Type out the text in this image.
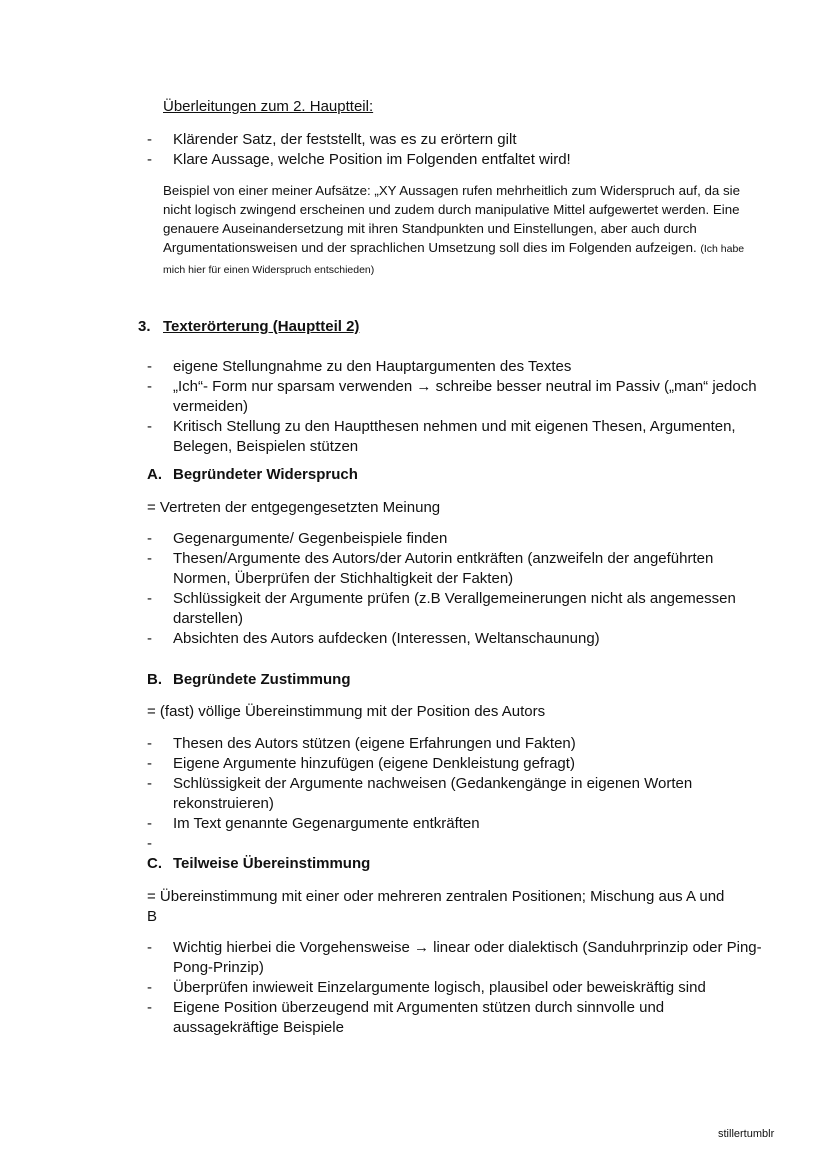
Überleitungen zum 2. Hauptteil:
- Klärender Satz, der feststellt, was es zu erörtern gilt
- Klare Aussage, welche Position im Folgenden entfaltet wird!
Beispiel von einer meiner Aufsätze: „XY Aussagen rufen mehrheitlich zum Widerspruch auf, da sie nicht logisch zwingend erscheinen und zudem durch manipulative Mittel aufgewertet werden. Eine genauere Auseinandersetzung mit ihren Standpunkten und Einstellungen, aber auch durch Argumentationsweisen und der sprachlichen Umsetzung soll dies im Folgenden aufzeigen. (Ich habe mich hier für einen Widerspruch entschieden)
3. Texterörterung (Hauptteil 2)
- eigene Stellungnahme zu den Hauptargumenten des Textes
- „Ich“- Form nur sparsam verwenden → schreibe besser neutral im Passiv („man“ jedoch vermeiden)
- Kritisch Stellung zu den Hauptthesen nehmen und mit eigenen Thesen, Argumenten, Belegen, Beispielen stützen
A. Begründeter Widerspruch
= Vertreten der entgegengesetzten Meinung
- Gegenargumente/ Gegenbeispiele finden
- Thesen/Argumente des Autors/der Autorin entkräften (anzweifeln der angeführten Normen, Überprüfen der Stichhaltigkeit der Fakten)
- Schlüssigkeit der Argumente prüfen (z.B Verallgemeinerungen nicht als angemessen darstellen)
- Absichten des Autors aufdecken (Interessen, Weltanschaunung)
B. Begründete Zustimmung
= (fast) völlige Übereinstimmung mit der Position des Autors
- Thesen des Autors stützen (eigene Erfahrungen und Fakten)
- Eigene Argumente hinzufügen (eigene Denkleistung gefragt)
- Schlüssigkeit der Argumente nachweisen (Gedankengänge in eigenen Worten rekonstruieren)
- Im Text genannte Gegenargumente entkräften
C. Teilweise Übereinstimmung
= Übereinstimmung mit einer oder mehreren zentralen Positionen; Mischung aus A und B
- Wichtig hierbei die Vorgehensweise → linear oder dialektisch (Sanduhrprinzip oder Ping-Pong-Prinzip)
- Überprüfen inwieweit Einzelargumente logisch, plausibel oder beweiskräftig sind
- Eigene Position überzeugend mit Argumenten stützen durch sinnvolle und aussagekräftige Beispiele
stillertumblr
